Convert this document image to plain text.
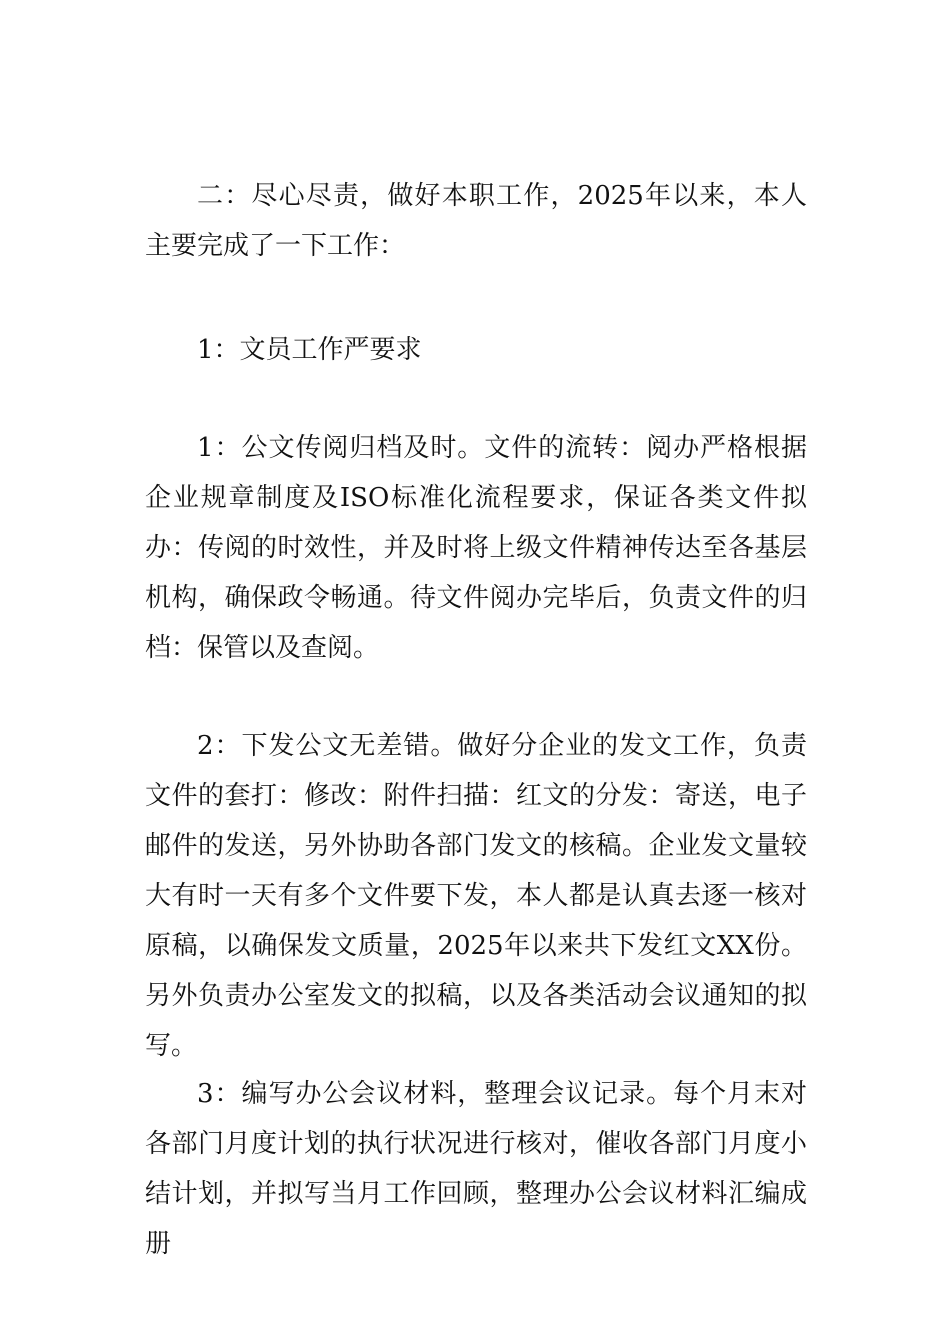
二：尽心尽责，做好本职工作，2025年以来，本人主要完成了一下工作：

1：文员工作严要求

1：公文传阅归档及时。文件的流转：阅办严格根据企业规章制度及ISO标准化流程要求，保证各类文件拟办：传阅的时效性，并及时将上级文件精神传达至各基层机构，确保政令畅通。待文件阅办完毕后，负责文件的归档：保管以及查阅。

2：下发公文无差错。做好分企业的发文工作，负责文件的套打：修改：附件扫描：红文的分发：寄送，电子邮件的发送，另外协助各部门发文的核稿。企业发文量较大有时一天有多个文件要下发，本人都是认真去逐一核对原稿，以确保发文质量，2025年以来共下发红文XX份。另外负责办公室发文的拟稿，以及各类活动会议通知的拟写。

3：编写办公会议材料，整理会议记录。每个月末对各部门月度计划的执行状况进行核对，催收各部门月度小结计划，并拟写当月工作回顾，整理办公会议材料汇编成册
